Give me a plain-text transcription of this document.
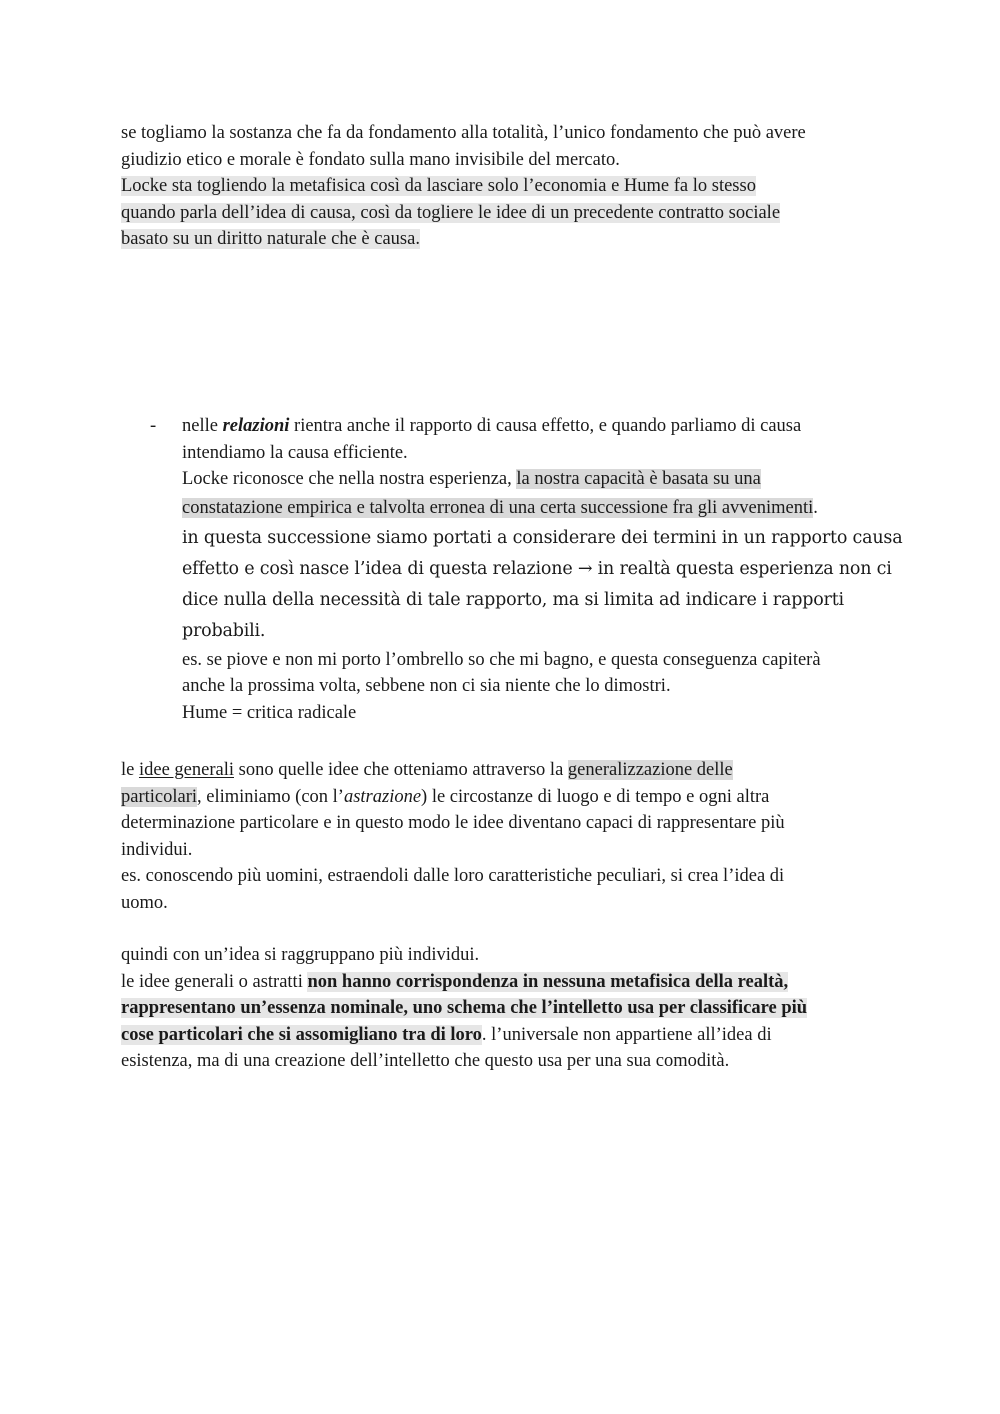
se togliamo la sostanza che fa da fondamento alla totalità, l’unico fondamento che può avere
giudizio etico e morale è fondato sulla mano invisibile del mercato.
Locke sta togliendo la metafisica così da lasciare solo l’economia e Hume fa lo stesso
quando parla dell’idea di causa, così da togliere le idee di un precedente contratto sociale
basato su un diritto naturale che è causa.
- nelle relazioni rientra anche il rapporto di causa effetto, e quando parliamo di causa
intendiamo la causa efficiente.
Locke riconosce che nella nostra esperienza, la nostra capacità è basata su una
constatazione empirica e talvolta erronea di una certa successione fra gli avvenimenti.
in questa successione siamo portati a considerare dei termini in un rapporto causa
effetto e così nasce l’idea di questa relazione → in realtà questa esperienza non ci
dice nulla della necessità di tale rapporto, ma si limita ad indicare i rapporti
probabili.
es. se piove e non mi porto l’ombrello so che mi bagno, e questa conseguenza capiterà
anche la prossima volta, sebbene non ci sia niente che lo dimostri.
Hume = critica radicale
le idee generali sono quelle idee che otteniamo attraverso la generalizzazione delle
particolari, eliminiamo (con l’astrazione) le circostanze di luogo e di tempo e ogni altra
determinazione particolare e in questo modo le idee diventano capaci di rappresentare più
individui.
es. conoscendo più uomini, estraendoli dalle loro caratteristiche peculiari, si crea l’idea di
uomo.
quindi con un’idea si raggruppano più individui.
le idee generali o astratti non hanno corrispondenza in nessuna metafisica della realtà,
rappresentano un’essenza nominale, uno schema che l’intelletto usa per classificare più
cose particolari che si assomigliano tra di loro. l’universale non appartiene all’idea di
esistenza, ma di una creazione dell’intelletto che questo usa per una sua comodità.
